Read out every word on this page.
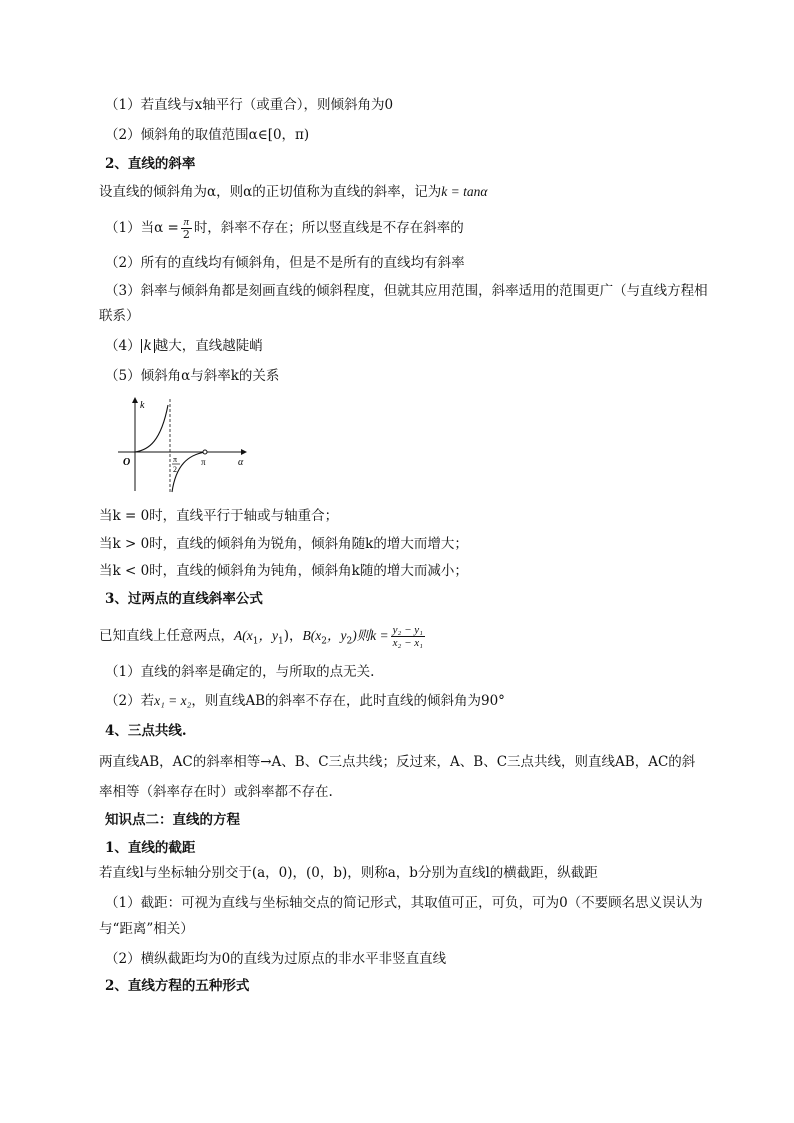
（1）若直线与x轴平行（或重合），则倾斜角为0
（2）倾斜角的取值范围α∈[0，π)
2、直线的斜率
设直线的倾斜角为α，则α的正切值称为直线的斜率，记为k = tanα
（1）当$\alpha = \frac{\pi}{2}$ 时，斜率不存在；所以竖直线是不存在斜率的
（2）所有的直线均有倾斜角，但是不是所有的直线均有斜率
（3）斜率与倾斜角都是刻画直线的倾斜程度，但就其应用范围，斜率适用的范围更广（与直线方程相
联系）
（4） k 越大，直线越陡峭
（5）倾斜角α与斜率k的关系
k
α
O	π
π
2
当k = 0时，直线平行于轴或与轴重合；
当k > 0时，直线的倾斜角为锐角，倾斜角随k的增大而增大；
当k < 0时，直线的倾斜角为钝角，倾斜角k随的增大而减小；
3、过两点的直线斜率公式
已知直线上任意两点，$A(x_1$，$y_1$)，$B(x_2$，$y_2$)则$k = \frac{\text{y₂ − y₁}}{\text{x₂ − x₁}}$
（1）直线的斜率是确定的，与所取的点无关.
（2）若x₁ = x₂，则直线AB的斜率不存在，此时直线的倾斜角为90°
4、三点共线.
两直线AB，AC的斜率相等→A、B、C三点共线；反过来，A、B、C三点共线，则直线AB，AC的斜
率相等（斜率存在时）或斜率都不存在.
知识点二：直线的方程
1、直线的截距
若直线l与坐标轴分别交于(a，0)，(0，b)，则称a，b分别为直线l的横截距，纵截距
（1）截距：可视为直线与坐标轴交点的简记形式，其取值可正，可负，可为0（不要顾名思义误认为
与“距离”相关）
（2）横纵截距均为0的直线为过原点的非水平非竖直直线
2、直线方程的五种形式
